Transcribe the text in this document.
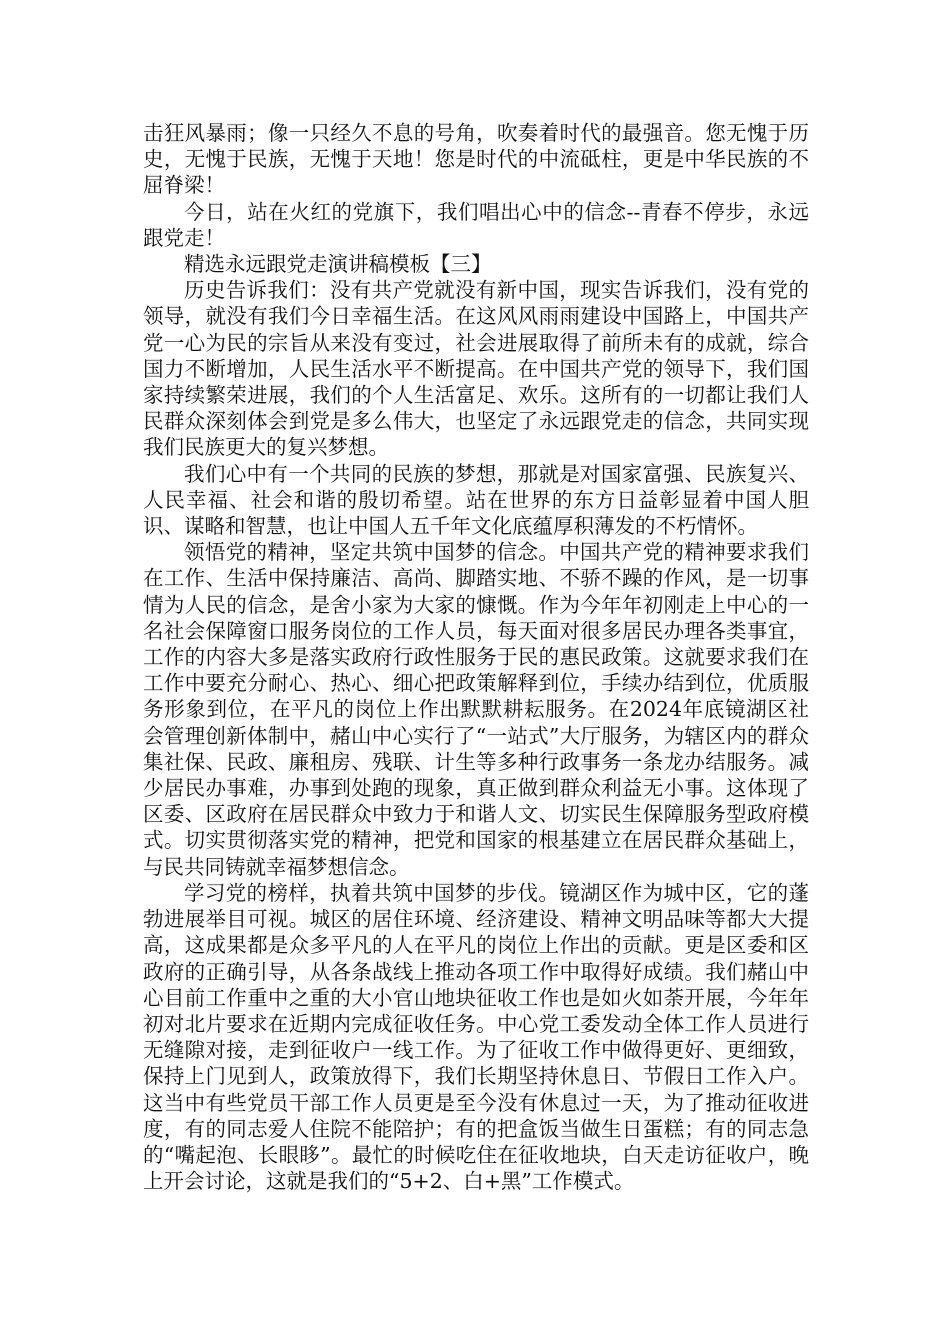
击狂风暴雨；像一只经久不息的号角，吹奏着时代的最强音。您无愧于历史，无愧于民族，无愧于天地！您是时代的中流砥柱，更是中华民族的不屈脊梁！

今日，站在火红的党旗下，我们唱出心中的信念--青春不停步，永远跟党走！

精选永远跟党走演讲稿模板【三】

历史告诉我们：没有共产党就没有新中国，现实告诉我们，没有党的领导，就没有我们今日幸福生活。在这风风雨雨建设中国路上，中国共产党一心为民的宗旨从来没有变过，社会进展取得了前所未有的成就，综合国力不断增加，人民生活水平不断提高。在中国共产党的领导下，我们国家持续繁荣进展，我们的个人生活富足、欢乐。这所有的一切都让我们人民群众深刻体会到党是多么伟大，也坚定了永远跟党走的信念，共同实现我们民族更大的复兴梦想。

我们心中有一个共同的民族的梦想，那就是对国家富强、民族复兴、人民幸福、社会和谐的殷切希望。站在世界的东方日益彰显着中国人胆识、谋略和智慧，也让中国人五千年文化底蕴厚积薄发的不朽情怀。

领悟党的精神，坚定共筑中国梦的信念。中国共产党的精神要求我们在工作、生活中保持廉洁、高尚、脚踏实地、不骄不躁的作风，是一切事情为人民的信念，是舍小家为大家的慷慨。作为今年年初刚走上中心的一名社会保障窗口服务岗位的工作人员，每天面对很多居民办理各类事宜，工作的内容大多是落实政府行政性服务于民的惠民政策。这就要求我们在工作中要充分耐心、热心、细心把政策解释到位，手续办结到位，优质服务形象到位，在平凡的岗位上作出默默耕耘服务。在2024年底镜湖区社会管理创新体制中，赭山中心实行了“一站式”大厅服务，为辖区内的群众集社保、民政、廉租房、残联、计生等多种行政事务一条龙办结服务。减少居民办事难，办事到处跑的现象，真正做到群众利益无小事。这体现了区委、区政府在居民群众中致力于和谐人文、切实民生保障服务型政府模式。切实贯彻落实党的精神，把党和国家的根基建立在居民群众基础上，与民共同铸就幸福梦想信念。

学习党的榜样，执着共筑中国梦的步伐。镜湖区作为城中区，它的蓬勃进展举目可视。城区的居住环境、经济建设、精神文明品味等都大大提高，这成果都是众多平凡的人在平凡的岗位上作出的贡献。更是区委和区政府的正确引导，从各条战线上推动各项工作中取得好成绩。我们赭山中心目前工作重中之重的大小官山地块征收工作也是如火如荼开展，今年年初对北片要求在近期内完成征收任务。中心党工委发动全体工作人员进行无缝隙对接，走到征收户一线工作。为了征收工作中做得更好、更细致，保持上门见到人，政策放得下，我们长期坚持休息日、节假日工作入户。这当中有些党员干部工作人员更是至今没有休息过一天，为了推动征收进度，有的同志爱人住院不能陪护；有的把盒饭当做生日蛋糕；有的同志急的“嘴起泡、长眼眵”。最忙的时候吃住在征收地块，白天走访征收户，晚上开会讨论，这就是我们的“5+2、白+黑”工作模式。
